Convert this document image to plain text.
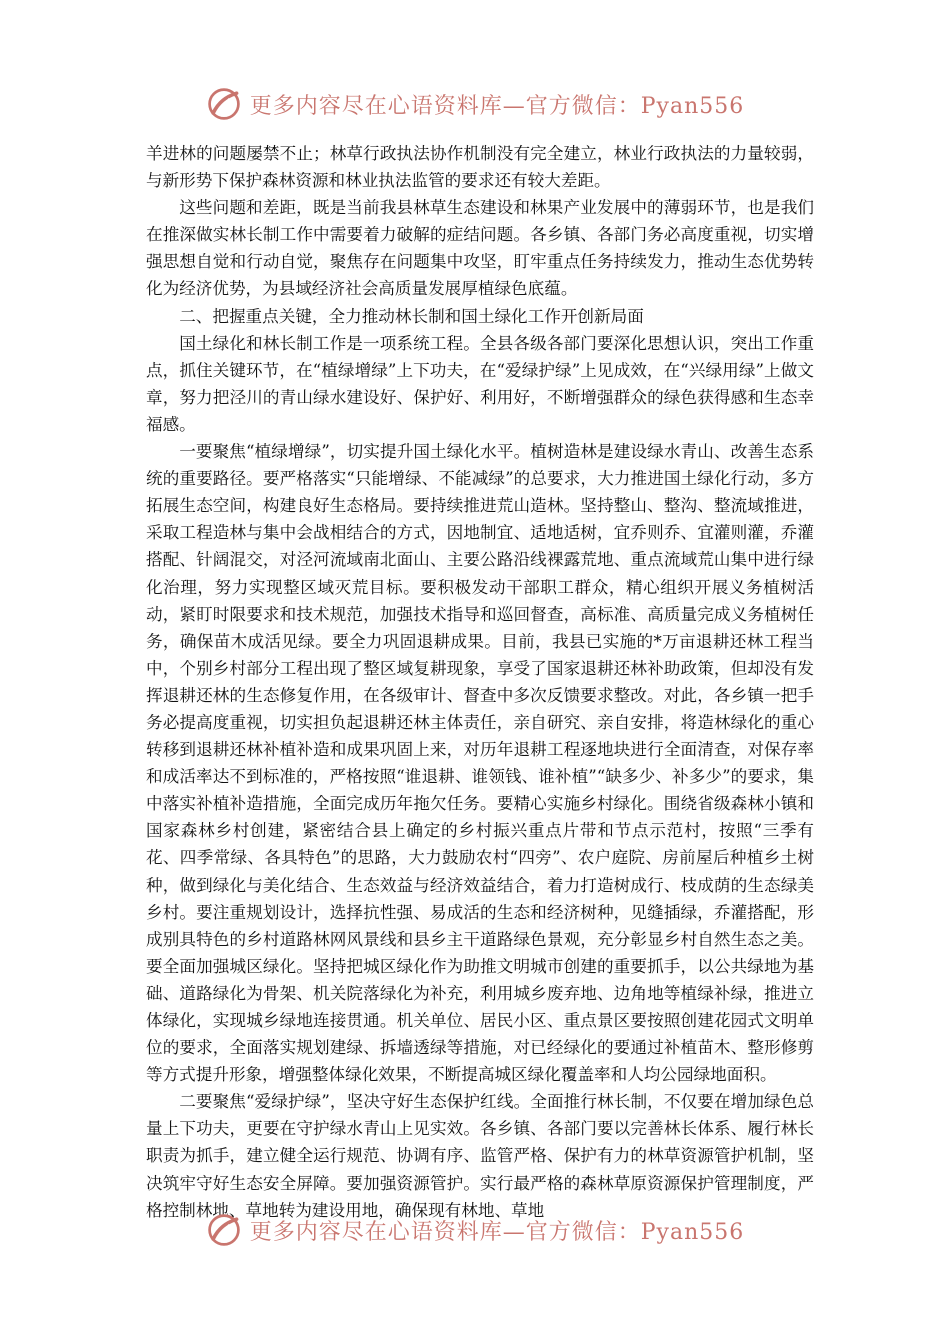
更多内容尽在心语资料库—官方微信：Pyan556

羊进林的问题屡禁不止；林草行政执法协作机制没有完全建立，林业行政执法的力量较弱，与新形势下保护森林资源和林业执法监管的要求还有较大差距。

这些问题和差距，既是当前我县林草生态建设和林果产业发展中的薄弱环节，也是我们在推深做实林长制工作中需要着力破解的症结问题。各乡镇、各部门务必高度重视，切实增强思想自觉和行动自觉，聚焦存在问题集中攻坚，盯牢重点任务持续发力，推动生态优势转化为经济优势，为县域经济社会高质量发展厚植绿色底蕴。

二、把握重点关键，全力推动林长制和国土绿化工作开创新局面

国土绿化和林长制工作是一项系统工程。全县各级各部门要深化思想认识，突出工作重点，抓住关键环节，在“植绿增绿”上下功夫，在“爱绿护绿”上见成效，在“兴绿用绿”上做文章，努力把泾川的青山绿水建设好、保护好、利用好，不断增强群众的绿色获得感和生态幸福感。

一要聚焦“植绿增绿”，切实提升国土绿化水平。植树造林是建设绿水青山、改善生态系统的重要路径。要严格落实“只能增绿、不能减绿”的总要求，大力推进国土绿化行动，多方拓展生态空间，构建良好生态格局。要持续推进荒山造林。坚持整山、整沟、整流域推进，采取工程造林与集中会战相结合的方式，因地制宜、适地适树，宜乔则乔、宜灌则灌，乔灌搭配、针阔混交，对泾河流域南北面山、主要公路沿线裸露荒地、重点流域荒山集中进行绿化治理，努力实现整区域灭荒目标。要积极发动干部职工群众，精心组织开展义务植树活动，紧盯时限要求和技术规范，加强技术指导和巡回督查，高标准、高质量完成义务植树任务，确保苗木成活见绿。要全力巩固退耕成果。目前，我县已实施的*万亩退耕还林工程当中，个别乡村部分工程出现了整区域复耕现象，享受了国家退耕还林补助政策，但却没有发挥退耕还林的生态修复作用，在各级审计、督查中多次反馈要求整改。对此，各乡镇一把手务必提高度重视，切实担负起退耕还林主体责任，亲自研究、亲自安排，将造林绿化的重心转移到退耕还林补植补造和成果巩固上来，对历年退耕工程逐地块进行全面清查，对保存率和成活率达不到标准的，严格按照“谁退耕、谁领钱、谁补植”“缺多少、补多少”的要求，集中落实补植补造措施，全面完成历年拖欠任务。要精心实施乡村绿化。围绕省级森林小镇和国家森林乡村创建，紧密结合县上确定的乡村振兴重点片带和节点示范村，按照“三季有花、四季常绿、各具特色”的思路，大力鼓励农村“四旁”、农户庭院、房前屋后种植乡土树种，做到绿化与美化结合、生态效益与经济效益结合，着力打造树成行、枝成荫的生态绿美乡村。要注重规划设计，选择抗性强、易成活的生态和经济树种，见缝插绿，乔灌搭配，形成别具特色的乡村道路林网风景线和县乡主干道路绿色景观，充分彰显乡村自然生态之美。要全面加强城区绿化。坚持把城区绿化作为助推文明城市创建的重要抓手，以公共绿地为基础、道路绿化为骨架、机关院落绿化为补充，利用城乡废弃地、边角地等植绿补绿，推进立体绿化，实现城乡绿地连接贯通。机关单位、居民小区、重点景区要按照创建花园式文明单位的要求，全面落实规划建绿、拆墙透绿等措施，对已经绿化的要通过补植苗木、整形修剪等方式提升形象，增强整体绿化效果，不断提高城区绿化覆盖率和人均公园绿地面积。

二要聚焦“爱绿护绿”，坚决守好生态保护红线。全面推行林长制，不仅要在增加绿色总量上下功夫，更要在守护绿水青山上见实效。各乡镇、各部门要以完善林长体系、履行林长职责为抓手，建立健全运行规范、协调有序、监管严格、保护有力的林草资源管护机制，坚决筑牢守好生态安全屏障。要加强资源管护。实行最严格的森林草原资源保护管理制度，严格控制林地、草地转为建设用地，确保现有林地、草地

更多内容尽在心语资料库—官方微信：Pyan556
